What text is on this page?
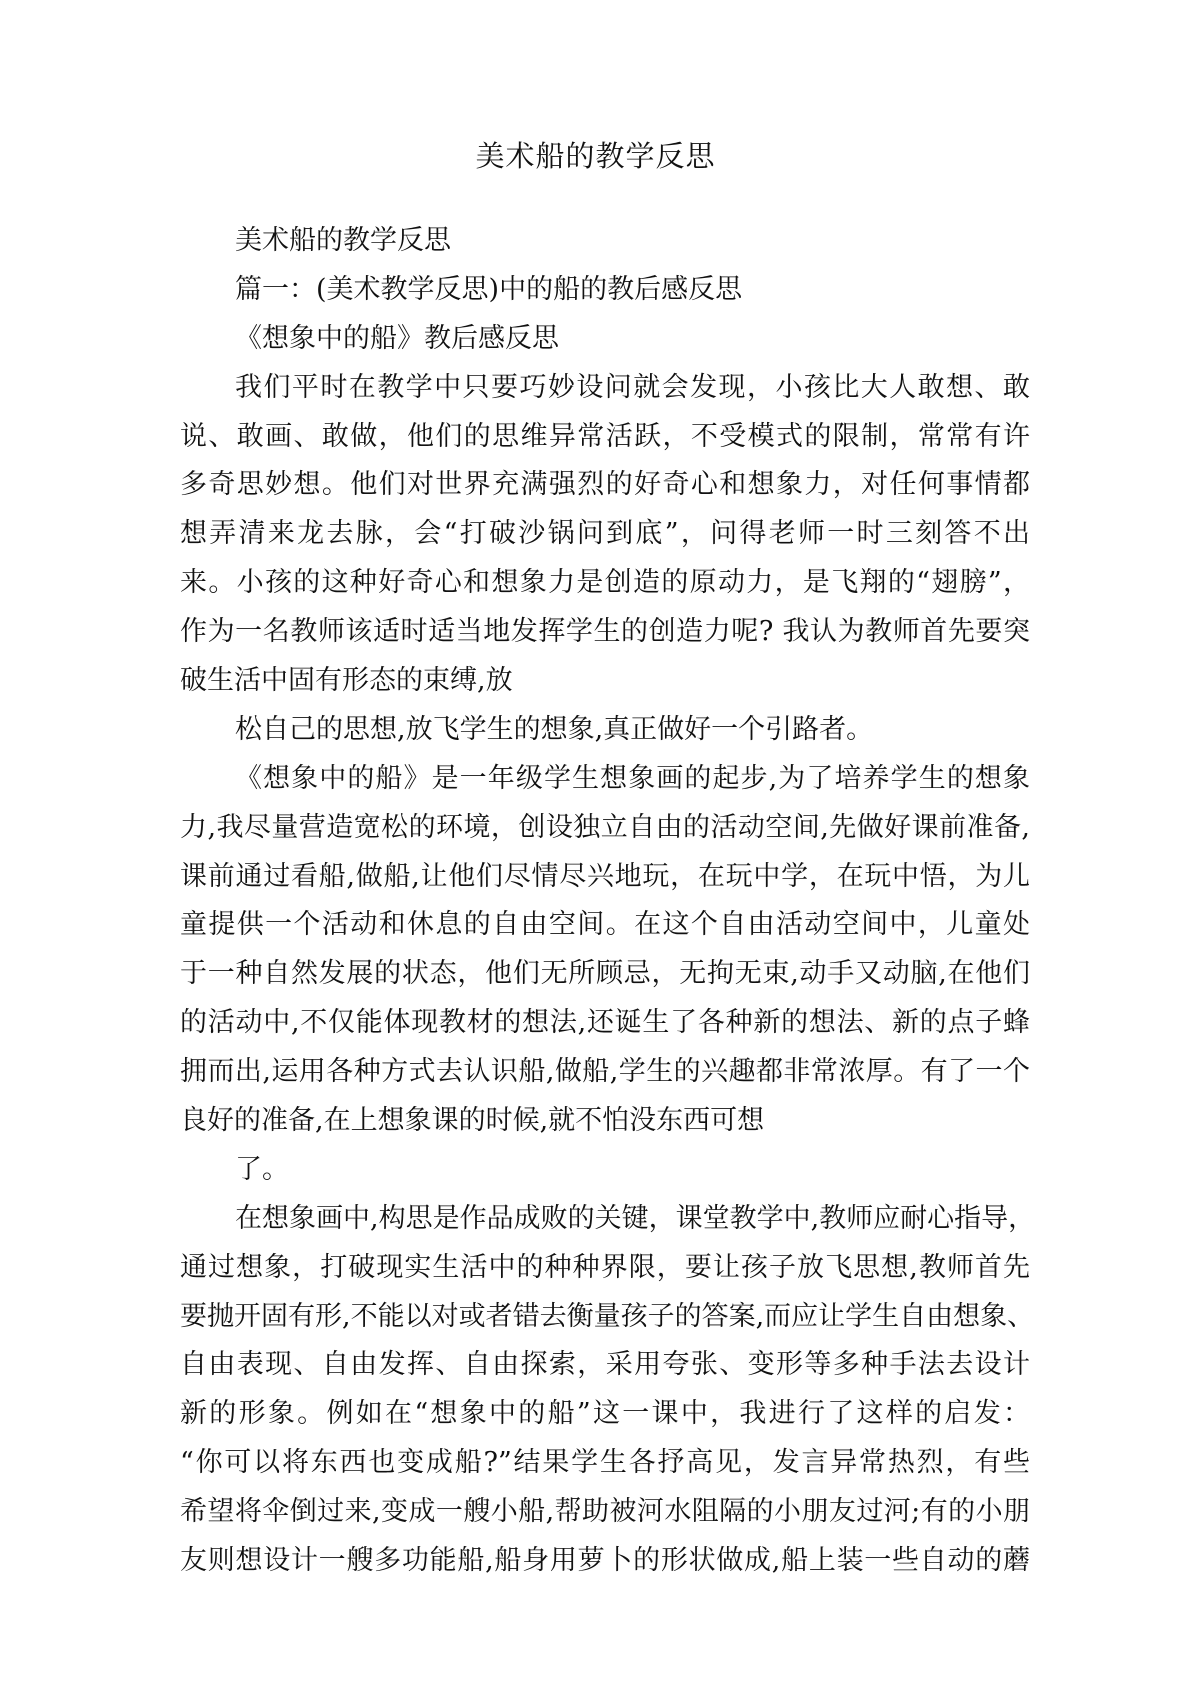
美术船的教学反思
美术船的教学反思
篇一：(美术教学反思)中的船的教后感反思
《想象中的船》教后感反思
我们平时在教学中只要巧妙设问就会发现，小孩比大人敢想、敢
说、敢画、敢做，他们的思维异常活跃，不受模式的限制，常常有许
多奇思妙想。他们对世界充满强烈的好奇心和想象力，对任何事情都
想弄清来龙去脉，会“打破沙锅问到底”，问得老师一时三刻答不出
来。小孩的这种好奇心和想象力是创造的原动力，是飞翔的“翅膀”，
作为一名教师该适时适当地发挥学生的创造力呢? 我认为教师首先要突
破生活中固有形态的束缚,放
松自己的思想,放飞学生的想象,真正做好一个引路者。
《想象中的船》是一年级学生想象画的起步,为了培养学生的想象
力,我尽量营造宽松的环境，创设独立自由的活动空间,先做好课前准备,
课前通过看船,做船,让他们尽情尽兴地玩，在玩中学，在玩中悟，为儿
童提供一个活动和休息的自由空间。在这个自由活动空间中，儿童处
于一种自然发展的状态，他们无所顾忌，无拘无束,动手又动脑,在他们
的活动中,不仅能体现教材的想法,还诞生了各种新的想法、新的点子蜂
拥而出,运用各种方式去认识船,做船,学生的兴趣都非常浓厚。有了一个
良好的准备,在上想象课的时候,就不怕没东西可想
了。
在想象画中,构思是作品成败的关键，课堂教学中,教师应耐心指导，
通过想象，打破现实生活中的种种界限，要让孩子放飞思想,教师首先
要抛开固有形,不能以对或者错去衡量孩子的答案,而应让学生自由想象、
自由表现、自由发挥、自由探索，采用夸张、变形等多种手法去设计
新的形象。例如在“想象中的船”这一课中，我进行了这样的启发：
“你可以将东西也变成船?”结果学生各抒高见，发言异常热烈，有些
希望将伞倒过来,变成一艘小船,帮助被河水阻隔的小朋友过河;有的小朋
友则想设计一艘多功能船,船身用萝卜的形状做成,船上装一些自动的蘑
